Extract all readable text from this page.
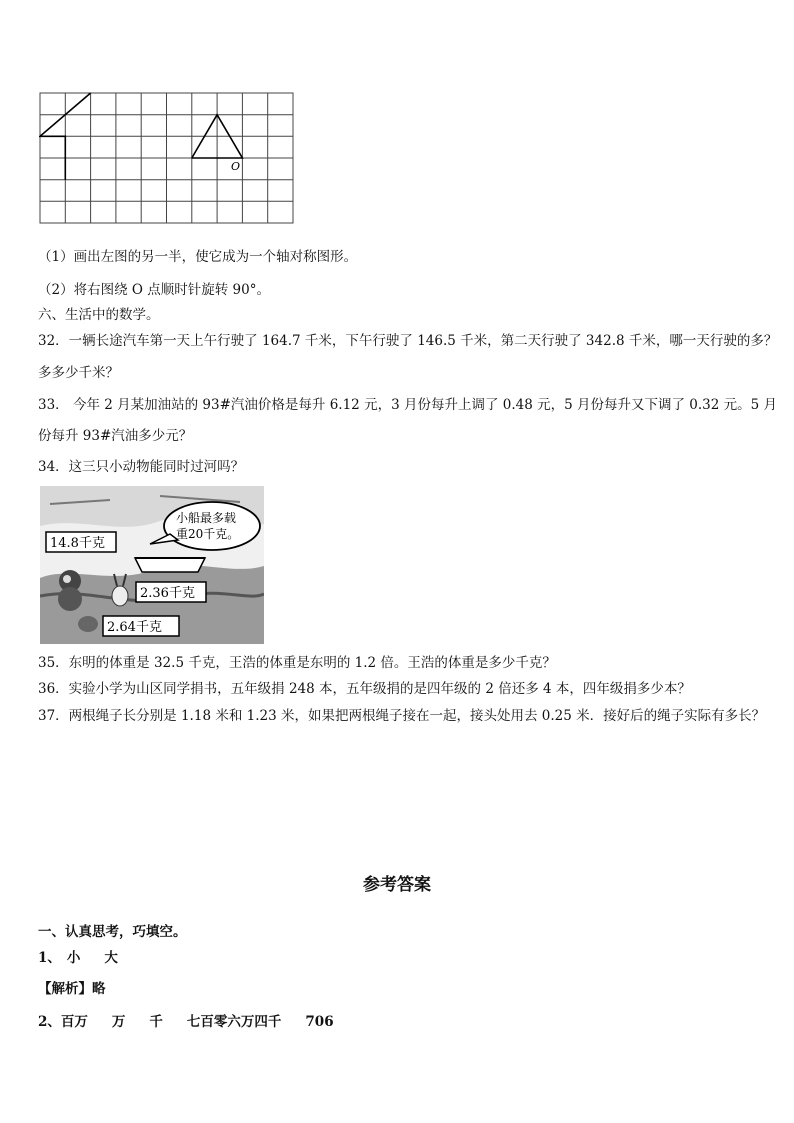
O
（1）画出左图的另一半，使它成为一个轴对称图形。
（2）将右图绕 O 点顺时针旋转 90°。
六、生活中的数学。
32．一辆长途汽车第一天上午行驶了 164.7 千米，下午行驶了 146.5 千米，第二天行驶了 342.8 千米，哪一天行驶的多？
多多少千米？
33． 今年 2 月某加油站的 93#汽油价格是每升 6.12 元，3 月份每升上调了 0.48 元，5 月份每升又下调了 0.32 元。5 月
份每升 93#汽油多少元？
34．这三只小动物能同时过河吗？
小船最多载
重20千克。
14.8千克
2.36千克
2.64千克
35．东明的体重是 32.5 千克，王浩的体重是东明的 1.2 倍。王浩的体重是多少千克？
36．实验小学为山区同学捐书，五年级捐 248 本，五年级捐的是四年级的 2 倍还多 4 本，四年级捐多少本？
37．两根绳子长分别是 1.18 米和 1.23 米，如果把两根绳子接在一起，接头处用去 0.25 米．接好后的绳子实际有多长？
参考答案
一、认真思考，巧填空。
1、 小 大
【解析】略
2、百万 万 千 七百零六万四千 706
